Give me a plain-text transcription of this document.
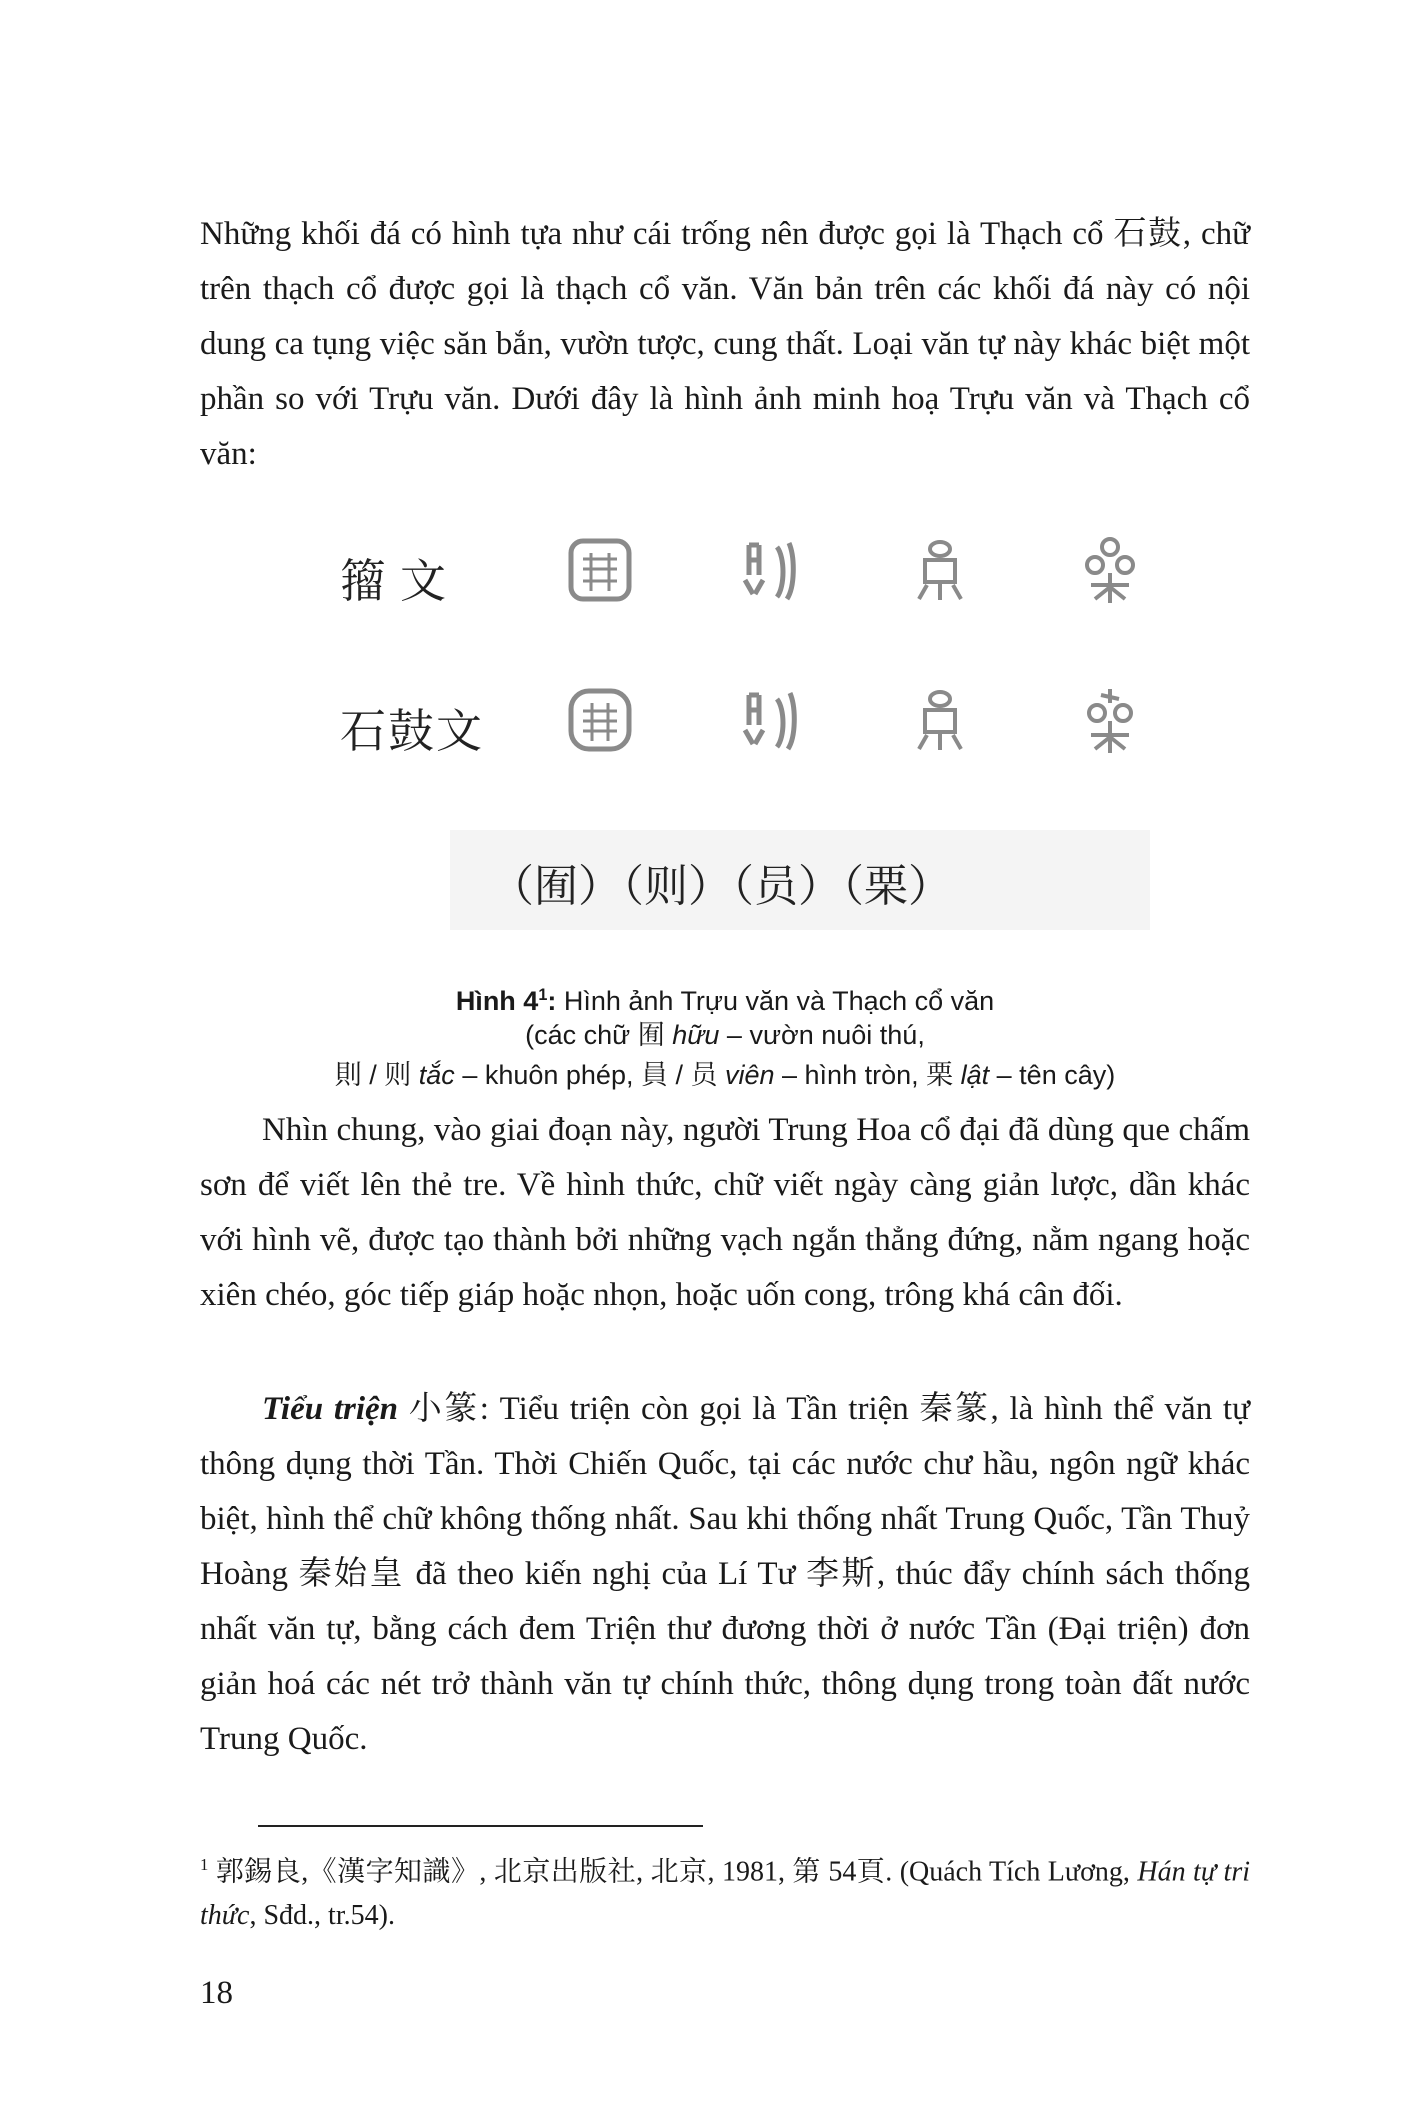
Những khối đá có hình tựa như cái trống nên được gọi là Thạch cổ 石鼓, chữ trên thạch cổ được gọi là thạch cổ văn. Văn bản trên các khối đá này có nội dung ca tụng việc săn bắn, vườn tược, cung thất. Loại văn tự này khác biệt một phần so với Trựu văn. Dưới đây là hình ảnh minh hoạ Trựu văn và Thạch cổ văn:

籀文
石鼓文
（囿）（则）（员）（栗）
Hình $4^1$: Hình ảnh Trựu văn và Thạch cổ văn
(các chữ 囿 hữu – vườn nuôi thú,
則 / 则 tắc – khuôn phép, 員 / 员 viên – hình tròn, 栗 lật – tên cây)

Nhìn chung, vào giai đoạn này, người Trung Hoa cổ đại đã dùng que chấm sơn để viết lên thẻ tre. Về hình thức, chữ viết ngày càng giản lược, dần khác với hình vẽ, được tạo thành bởi những vạch ngắn thẳng đứng, nằm ngang hoặc xiên chéo, góc tiếp giáp hoặc nhọn, hoặc uốn cong, trông khá cân đối.

Tiểu triện 小篆: Tiểu triện còn gọi là Tần triện 秦篆, là hình thể văn tự thông dụng thời Tần. Thời Chiến Quốc, tại các nước chư hầu, ngôn ngữ khác biệt, hình thể chữ không thống nhất. Sau khi thống nhất Trung Quốc, Tần Thuỷ Hoàng 秦始皇 đã theo kiến nghị của Lí Tư 李斯, thúc đẩy chính sách thống nhất văn tự, bằng cách đem Triện thư đương thời ở nước Tần (Đại triện) đơn giản hoá các nét trở thành văn tự chính thức, thông dụng trong toàn đất nước Trung Quốc.

$^1$ 郭錫良,《漢字知識》, 北京出版社, 北京, 1981, 第 54頁. (Quách Tích Lương, Hán tự tri thức, Sđd., tr.54).

18
